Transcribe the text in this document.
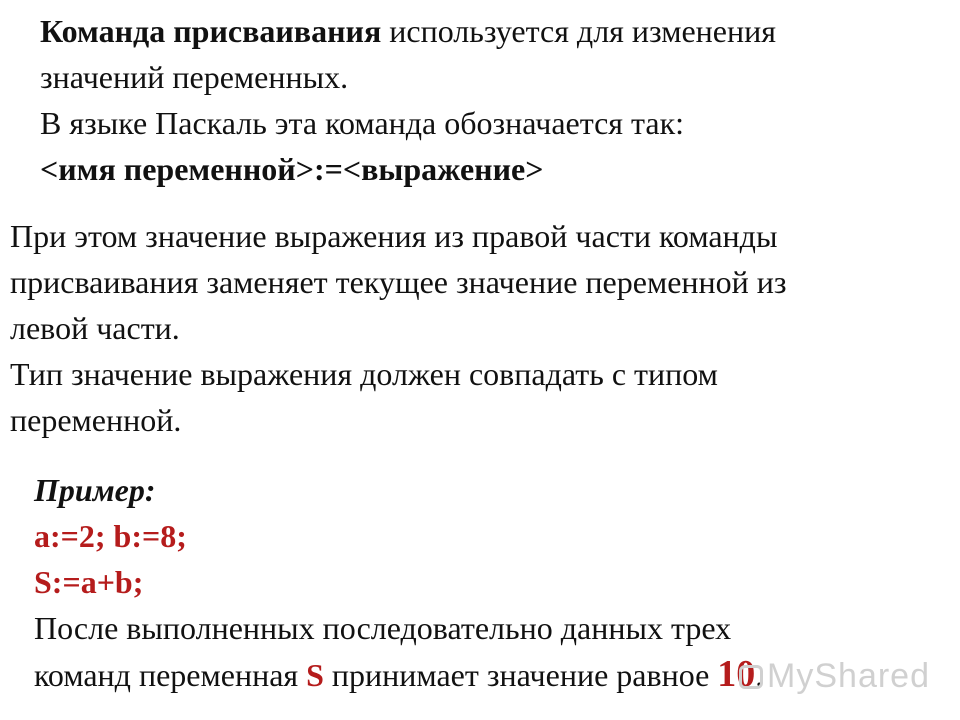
Команда присваивания используется для изменения
значений переменных.
В языке Паскаль эта команда обозначается так:
<имя переменной>:=<выражение>
При этом значение выражения из правой части команды
присваивания заменяет текущее значение переменной из
левой части.
Тип значение выражения должен совпадать с типом
переменной.
Пример:
a:=2; b:=8;
S:=a+b;
После выполненных последовательно данных трех
команд переменная S принимает значение равное 10. MyShared
